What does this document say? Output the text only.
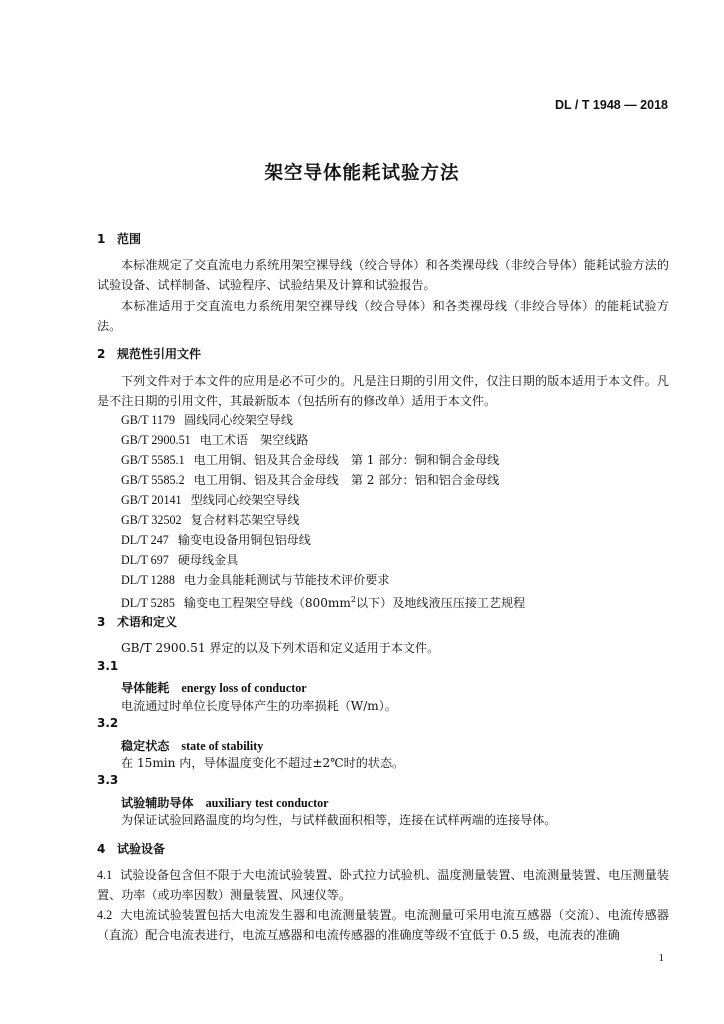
DL / T 1948 — 2018
架空导体能耗试验方法
1 范围
本标准规定了交直流电力系统用架空裸导线（绞合导体）和各类裸母线（非绞合导体）能耗试验方法的试验设备、试样制备、试验程序、试验结果及计算和试验报告。
本标准适用于交直流电力系统用架空裸导线（绞合导体）和各类裸母线（非绞合导体）的能耗试验方法。
2 规范性引用文件
下列文件对于本文件的应用是必不可少的。凡是注日期的引用文件，仅注日期的版本适用于本文件。凡是不注日期的引用文件，其最新版本（包括所有的修改单）适用于本文件。
GB/T 1179 圆线同心绞架空导线
GB/T 2900.51 电工术语　架空线路
GB/T 5585.1 电工用铜、铝及其合金母线　第 1 部分：铜和铜合金母线
GB/T 5585.2 电工用铜、铝及其合金母线　第 2 部分：铝和铝合金母线
GB/T 20141 型线同心绞架空导线
GB/T 32502 复合材料芯架空导线
DL/T 247 输变电设备用铜包铝母线
DL/T 697 硬母线金具
DL/T 1288 电力金具能耗测试与节能技术评价要求
DL/T 5285 输变电工程架空导线（$800mm^2$以下）及地线液压压接工艺规程
3 术语和定义
GB/T 2900.51 界定的以及下列术语和定义适用于本文件。
3.1
导体能耗 energy loss of conductor
电流通过时单位长度导体产生的功率损耗（W/m）。
3.2
稳定状态 state of stability
在 15min 内，导体温度变化不超过±2℃时的状态。
3.3
试验辅助导体 auxiliary test conductor
为保证试验回路温度的均匀性，与试样截面积相等，连接在试样两端的连接导体。
4 试验设备
4.1 试验设备包含但不限于大电流试验装置、卧式拉力试验机、温度测量装置、电流测量装置、电压测量装置、功率（或功率因数）测量装置、风速仪等。
4.2 大电流试验装置包括大电流发生器和电流测量装置。电流测量可采用电流互感器（交流）、电流传感器（直流）配合电流表进行，电流互感器和电流传感器的准确度等级不宜低于 0.5 级，电流表的准确
1
